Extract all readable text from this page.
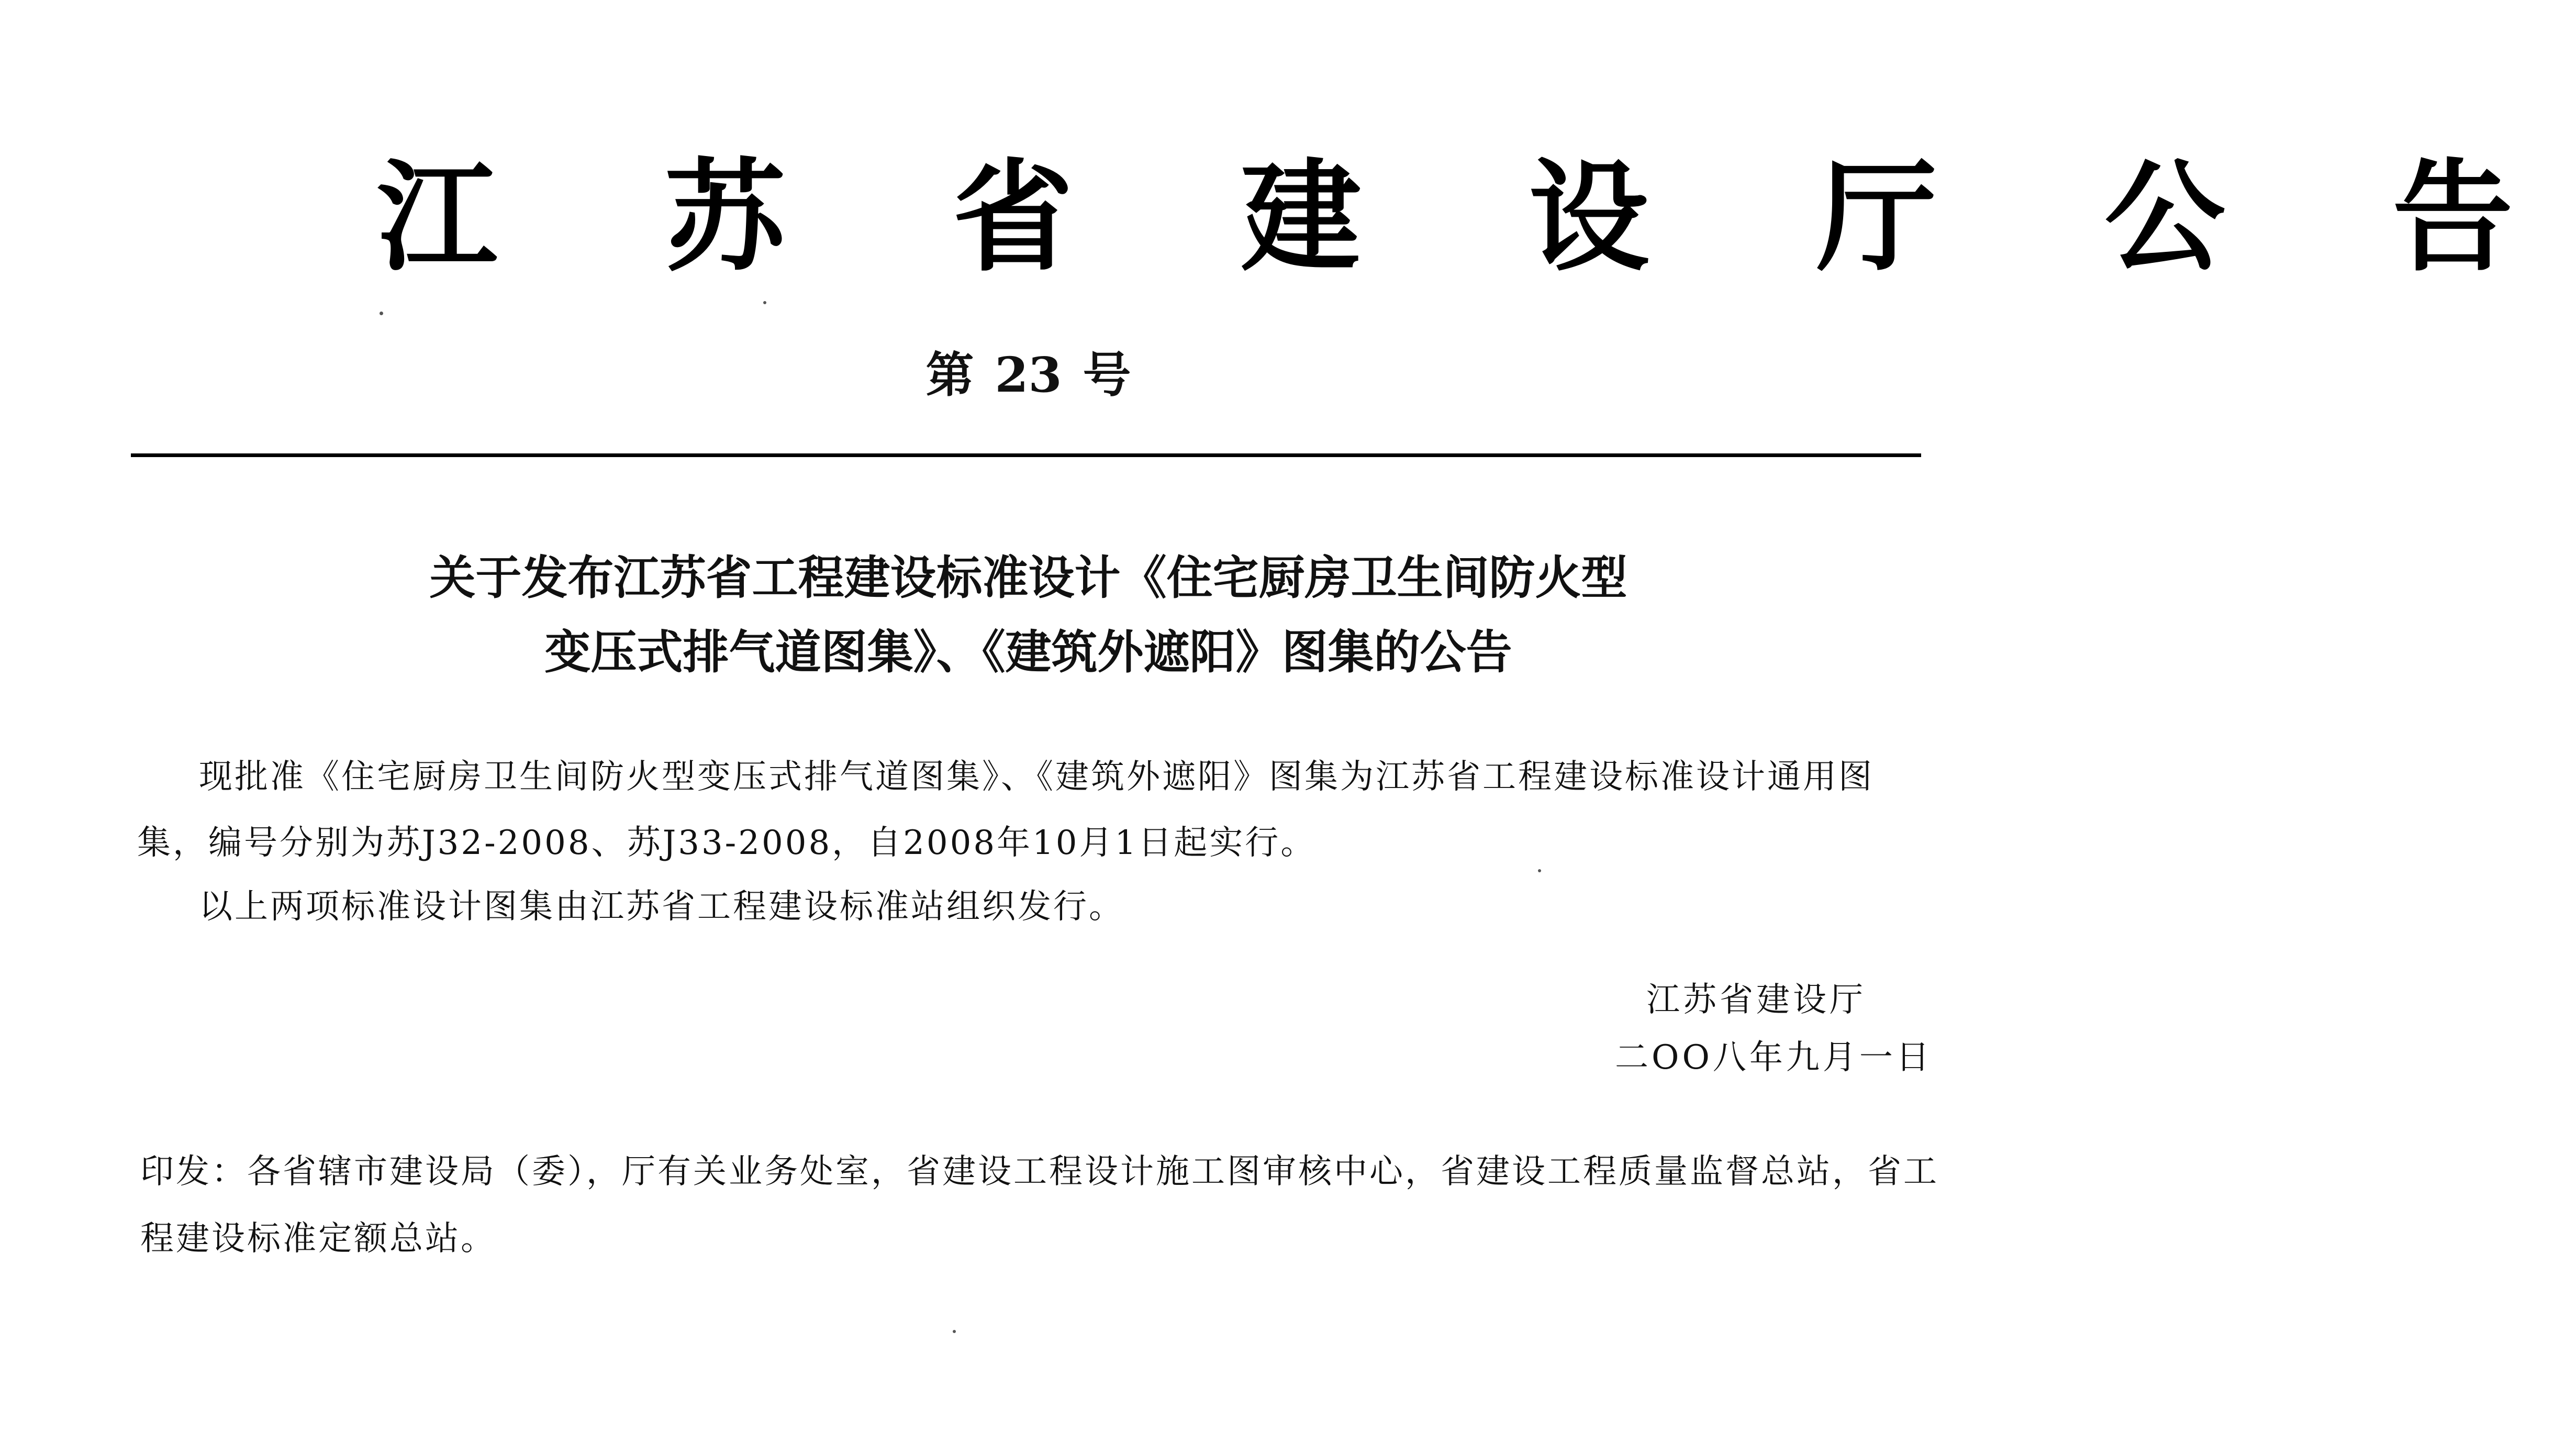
江 苏 省 建 设 厅 公 告
第 23 号
关于发布江苏省工程建设标准设计《住宅厨房卫生间防火型
变压式排气道图集》、《建筑外遮阳》图集的公告
现批准《住宅厨房卫生间防火型变压式排气道图集》、《建筑外遮阳》图集为江苏省工程建设标准设计通用图
集，编号分别为苏J32-2008、苏J33-2008，自2008年10月1日起实行。
以上两项标准设计图集由江苏省工程建设标准站组织发行。
江苏省建设厅
二OO八年九月一日
印发：各省辖市建设局（委），厅有关业务处室，省建设工程设计施工图审核中心，省建设工程质量监督总站，省工
程建设标准定额总站。
